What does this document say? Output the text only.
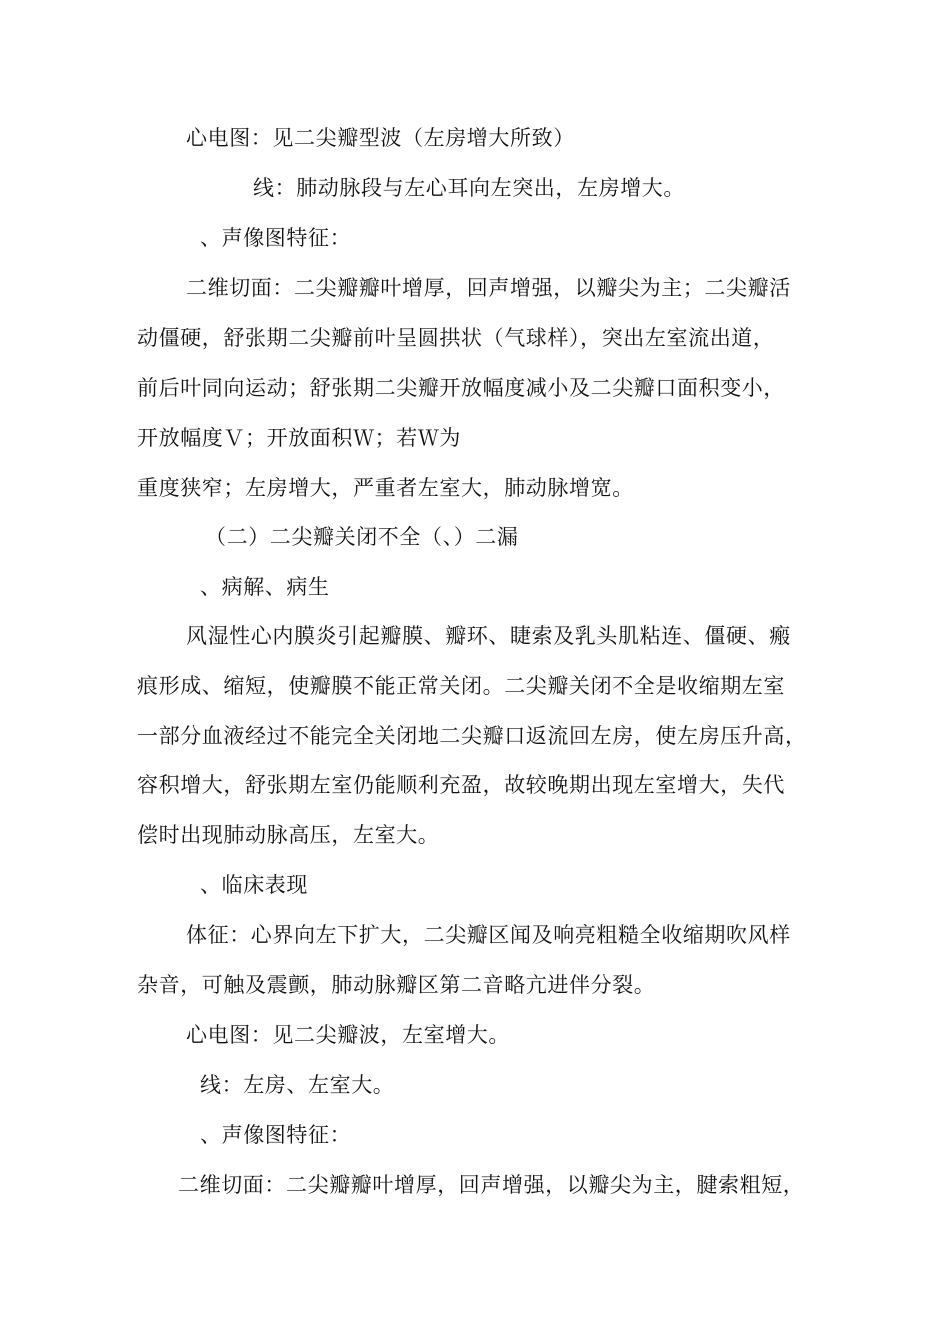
心电图：见二尖瓣型波（左房增大所致）
线：肺动脉段与左心耳向左突出，左房增大。
、声像图特征：
二维切面：二尖瓣瓣叶增厚，回声增强，以瓣尖为主；二尖瓣活
动僵硬，舒张期二尖瓣前叶呈圆拱状（气球样），突出左室流出道，
前后叶同向运动；舒张期二尖瓣开放幅度减小及二尖瓣口面积变小，
开放幅度Ｖ；开放面积Ｗ；若Ｗ为
重度狭窄；左房增大，严重者左室大，肺动脉增宽。
（二）二尖瓣关闭不全（、）二漏
、病解、病生
风湿性心内膜炎引起瓣膜、瓣环、睫索及乳头肌粘连、僵硬、瘢
痕形成、缩短，使瓣膜不能正常关闭。二尖瓣关闭不全是收缩期左室
一部分血液经过不能完全关闭地二尖瓣口返流回左房，使左房压升高，
容积增大，舒张期左室仍能顺利充盈，故较晚期出现左室增大，失代
偿时出现肺动脉高压，左室大。
、临床表现
体征：心界向左下扩大，二尖瓣区闻及响亮粗糙全收缩期吹风样
杂音，可触及震颤，肺动脉瓣区第二音略亢进伴分裂。
心电图：见二尖瓣波，左室增大。
线：左房、左室大。
、声像图特征：
二维切面：二尖瓣瓣叶增厚，回声增强，以瓣尖为主，腱索粗短，
